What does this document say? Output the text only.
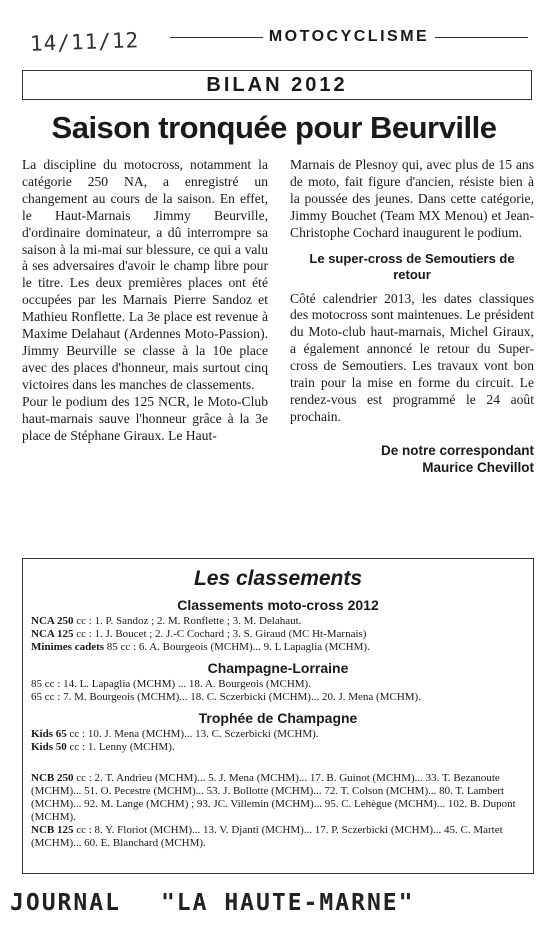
14/11/12	MOTOCYCLISME
BILAN 2012
Saison tronquée pour Beurville

La discipline du motocross, notamment la catégorie 250 NA, a enregistré un changement au cours de la saison. En effet, le Haut-Marnais Jimmy Beurville, d'ordinaire dominateur, a dû interrompre sa saison à la mi-mai sur blessure, ce qui a valu à ses adversaires d'avoir le champ libre pour le titre. Les deux premières places ont été occupées par les Marnais Pierre Sandoz et Mathieu Ronflette. La 3e place est revenue à Maxime Delahaut (Ardennes Moto-Passion). Jimmy Beurville se classe à la 10e place avec des places d'honneur, mais surtout cinq victoires dans les manches de classements.

Pour le podium des 125 NCR, le Moto-Club haut-marnais sauve l'honneur grâce à la 3e place de Stéphane Giraux. Le Haut-

Marnais de Plesnoy qui, avec plus de 15 ans de moto, fait figure d'ancien, résiste bien à la poussée des jeunes. Dans cette catégorie, Jimmy Bouchet (Team MX Menou) et Jean-Christophe Cochard inaugurent le podium.

Le super-cross de Semoutiers de retour

Côté calendrier 2013, les dates classiques des motocross sont maintenues. Le président du Moto-club haut-marnais, Michel Giraux, a également annoncé le retour du Super-cross de Semoutiers. Les travaux vont bon train pour la mise en forme du circuit. Le rendez-vous est programmé le 24 août prochain.

De notre correspondant
Maurice Chevillot
Les classements
Classements moto-cross 2012

NCA 250 cc : 1. P. Sandoz ; 2. M. Ronflette ; 3. M. Delahaut.

NCA 125 cc : 1. J. Boucet ; 2. J.-C Cochard ; 3. S. Giraud (MC Ht-Marnais)

Minimes cadets 85 cc : 6. A. Bourgeois (MCHM)... 9. L Lapaglia (MCHM).

Champagne-Lorraine

85 cc : 14. L. Lapaglia (MCHM) ... 18. A. Bourgeois (MCHM).

65 cc : 7. M. Bourgeois (MCHM)... 18. C. Sczerbicki (MCHM)... 20. J. Mena (MCHM).

Trophée de Champagne

Kids 65 cc : 10. J. Mena (MCHM)... 13. C. Sczerbicki (MCHM).

Kids 50 cc : 1. Lenny (MCHM).

NCB 250 cc : 2. T. Andrieu (MCHM)... 5. J. Mena (MCHM)... 17. B. Guinot (MCHM)... 33. T. Bezanoute (MCHM)... 51. O. Pecestre (MCHM)... 53. J. Bollotte (MCHM)... 72. T. Colson (MCHM)... 80. T. Lambert (MCHM)... 92. M. Lange (MCHM) ; 93. JC. Villemin (MCHM)... 95. C. Lehègue (MCHM)... 102. B. Dupont (MCHM).

NCB 125 cc : 8. Y. Floriot (MCHM)... 13. V. Djanti (MCHM)... 17. P. Sczerbicki (MCHM)... 45. C. Martet (MCHM)... 60. E. Blanchard (MCHM).

JOURNAL "LA HAUTE-MARNE"
